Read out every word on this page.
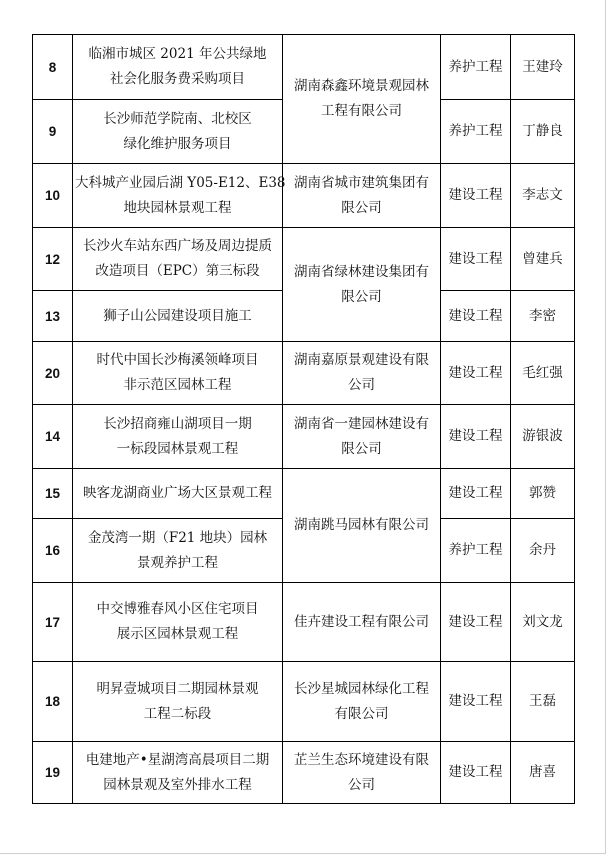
8	临湘市城区 2021 年公共绿地
社会化服务费采购项目	湖南森鑫环境景观园林
工程有限公司	养护工程	王建玲
9	长沙师范学院南、北校区
绿化维护服务项目		养护工程	丁静良
10	大科城产业园后湖 Y05-E12、E38
地块园林景观工程	湖南省城市建筑集团有
限公司	建设工程	李志文
12	长沙火车站东西广场及周边提质
改造项目（EPC）第三标段	湖南省绿林建设集团有
限公司	建设工程	曾建兵
13	狮子山公园建设项目施工		建设工程	李密
20	时代中国长沙梅溪领峰项目
非示范区园林工程	湖南嘉原景观建设有限
公司	建设工程	毛红强
14	长沙招商雍山湖项目一期
一标段园林景观工程	湖南省一建园林建设有
限公司	建设工程	游银波
15	映客龙湖商业广场大区景观工程	湖南跳马园林有限公司	建设工程	郭赞
16	金茂湾一期（F21 地块）园林
景观养护工程		养护工程	余丹
17	中交博雅春风小区住宅项目
展示区园林景观工程	佳卉建设工程有限公司	建设工程	刘文龙
18	明昇壹城项目二期园林景观
工程二标段	长沙星城园林绿化工程
有限公司	建设工程	王磊
19	电建地产•星湖湾高晨项目二期
园林景观及室外排水工程	芷兰生态环境建设有限
公司	建设工程	唐喜
